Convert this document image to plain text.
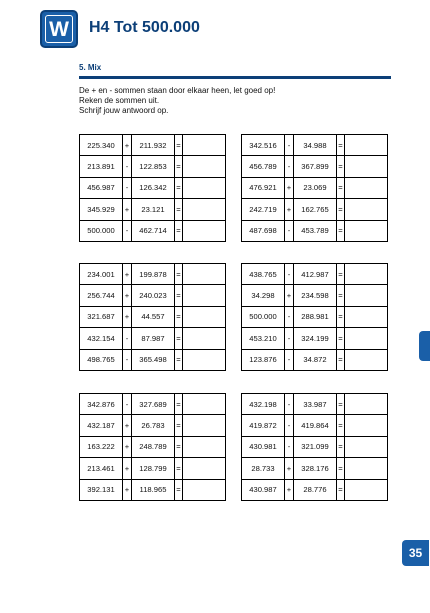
W H4 Tot 500.000
5. Mix
De + en - sommen staan door elkaar heen, let goed op!
Reken de sommen uit.
Schrijf jouw antwoord op.
225.340	+	211.932	=	
213.891	-	122.853	=	
456.987	-	126.342	=	
345.929	+	23.121	=	
500.000	-	462.714	=	
342.516	-	34.988	=	
456.789	-	367.899	=	
476.921	+	23.069	=	
242.719	+	162.765	=	
487.698	-	453.789	=	
234.001	+	199.878	=	
256.744	+	240.023	=	
321.687	+	44.557	=	
432.154	-	87.987	=	
498.765	-	365.498	=	
438.765	-	412.987	=	
34.298	+	234.598	=	
500.000	-	288.981	=	
453.210	-	324.199	=	
123.876	-	34.872	=	
342.876	-	327.689	=	
432.187	+	26.783	=	
163.222	+	248.789	=	
213.461	+	128.799	=	
392.131	+	118.965	=	
432.198	-	33.987	=	
419.872	-	419.864	=	
430.981	-	321.099	=	
28.733	+	328.176	=	
430.987	+	28.776	=	
35
